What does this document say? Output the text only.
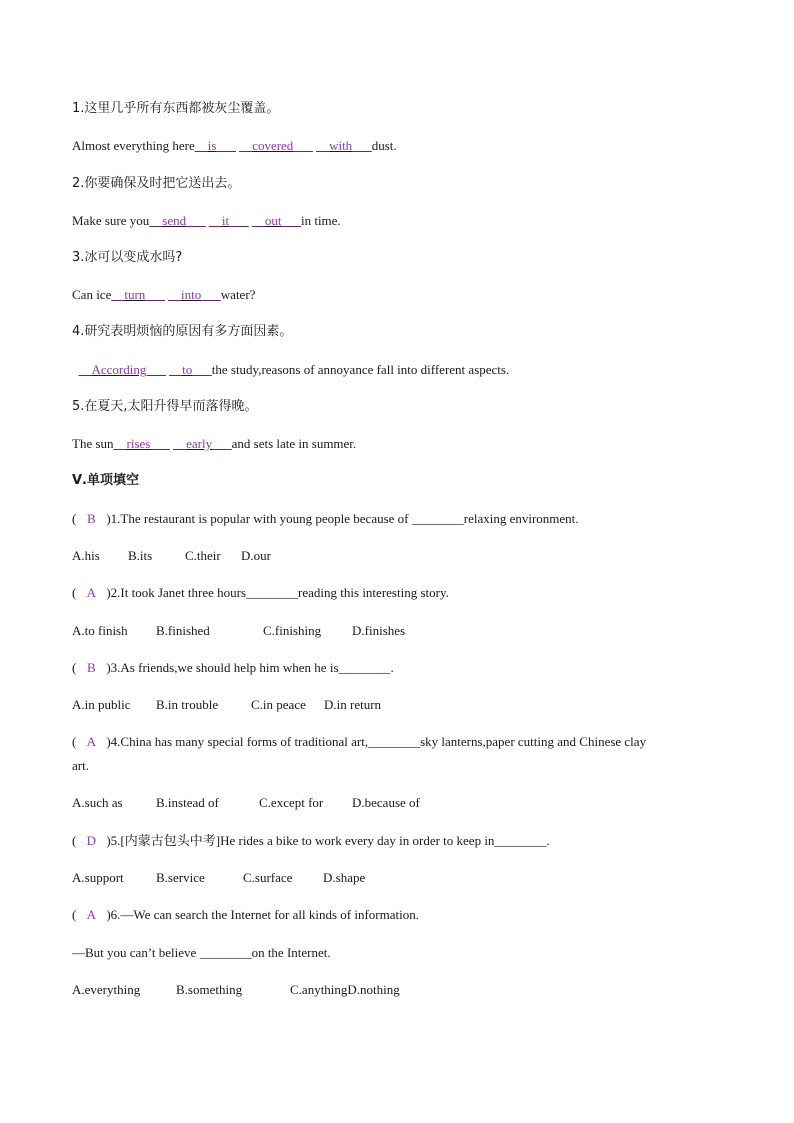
1.这里几乎所有东西都被灰尘覆盖。
Almost everything here__is___ __covered___ __with___dust.
2.你要确保及时把它送出去。
Make sure you__send___ __it___ __out___in time.
3.冰可以变成水吗?
Can ice__turn___ __into___water?
4.研究表明烦恼的原因有多方面因素。
__According___ __to___the study,reasons of annoyance fall into different aspects.
5.在夏天,太阳升得早而落得晚。
The sun__rises___ __early___and sets late in summer.
Ⅴ.单项填空
( B )1.The restaurant is popular with young people because of ________relaxing environment.
A.his B.its	C.their D.our
( A )2.It took Janet three hours________reading this interesting story.
A.to finish B.finished	C.finishing D.finishes
( B )3.As friends,we should help him when he is________.
A.in public B.in trouble	C.in peace D.in return
( A )4.China has many special forms of traditional art,________sky lanterns,paper cutting and Chinese clay
art.
A.such as	B.instead of	C.except for D.because of
( D )5.[内蒙古包头中考]He rides a bike to work every day in order to keep in________.
A.support B.service	C.surface D.shape
( A )6.—We can search the Internet for all kinds of information.
—But you can’t believe ________on the Internet.
A.everything	B.something	C.anythingD.nothing
